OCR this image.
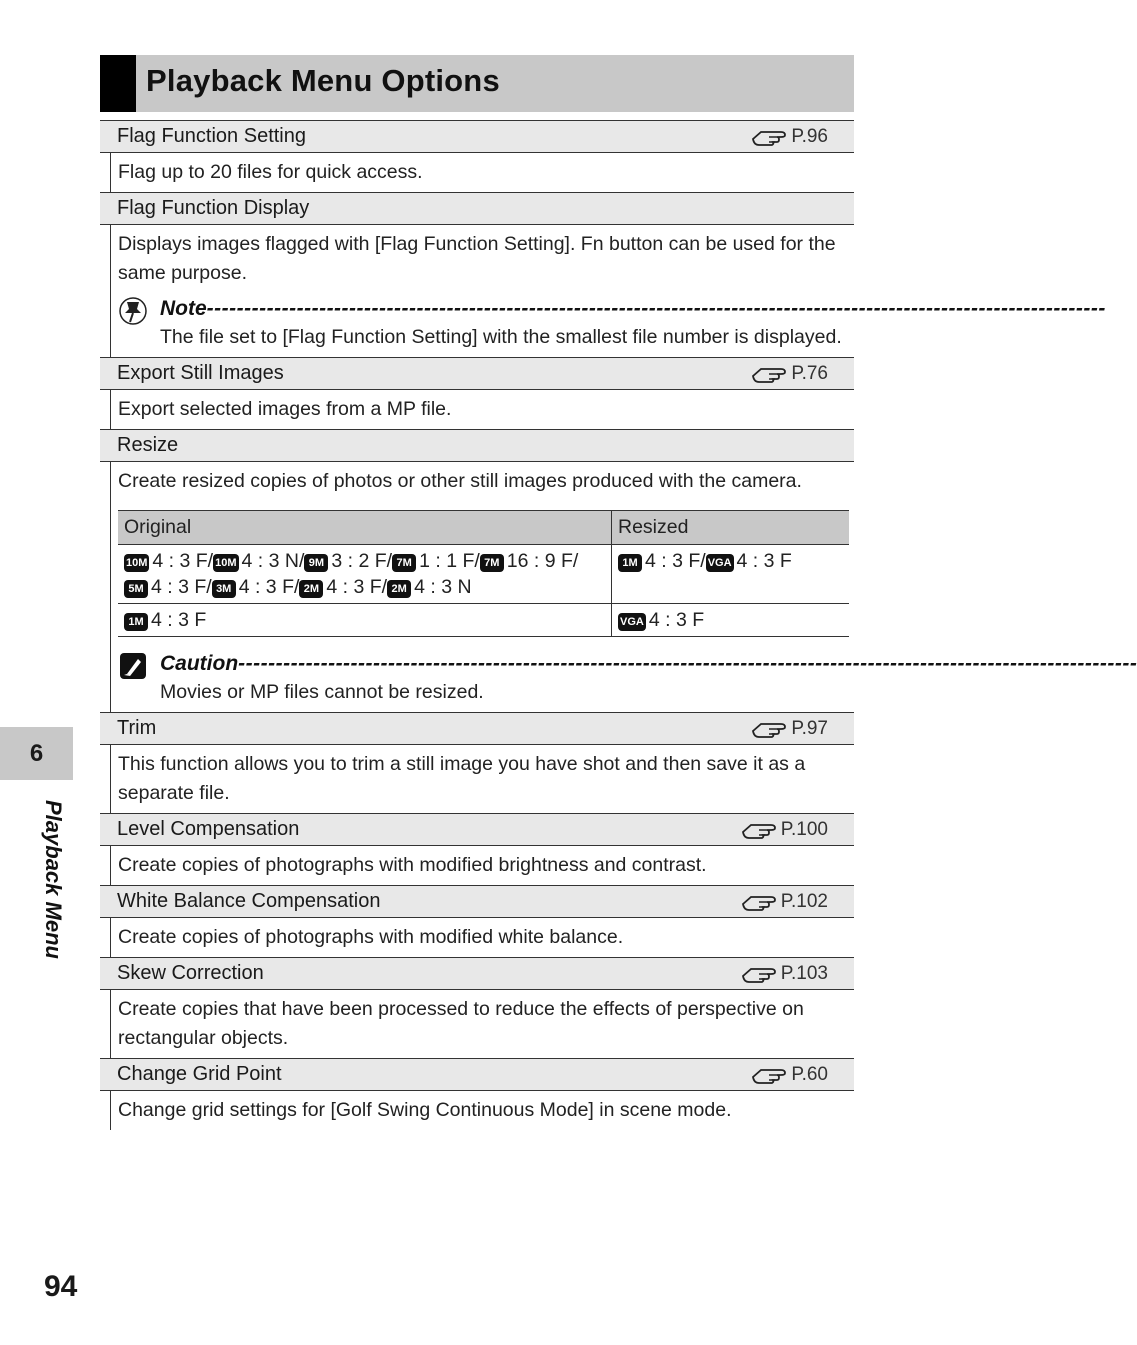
Playback Menu Options
Flag Function Setting	P.96
Flag up to 20 files for quick access.
Flag Function Display
Displays images flagged with [Flag Function Setting]. Fn button can be used for the same purpose.
Note------------------------------------------------------------------------------------------------------------------------
The file set to [Flag Function Setting] with the smallest file number is displayed.
Export Still Images	P.76
Export selected images from a MP file.
Resize
Create resized copies of photos or other still images produced with the camera.
Original	Resized
10M 4 : 3 F/ 10M 4 : 3 N/ 9M 3 : 2 F/ 7M 1 : 1 F/ 7M 16 : 9 F/5M 4 : 3 F/ 3M 4 : 3 F/ 2M 4 : 3 F/ 2M 4 : 3 N	1M 4 : 3 F/ VGA 4 : 3 F
1M 4 : 3 F	VGA 4 : 3 F
Caution------------------------------------------------------------------------------------------------------------------------
Movies or MP files cannot be resized.
Trim	P.97
This function allows you to trim a still image you have shot and then save it as a separate file.
Level Compensation	P.100
Create copies of photographs with modified brightness and contrast.
White Balance Compensation	P.102
Create copies of photographs with modified white balance.
Skew Correction	P.103
Create copies that have been processed to reduce the effects of perspective on rectangular objects.
Change Grid Point	P.60
Change grid settings for [Golf Swing Continuous Mode] in scene mode.
6
Playback Menu
94
